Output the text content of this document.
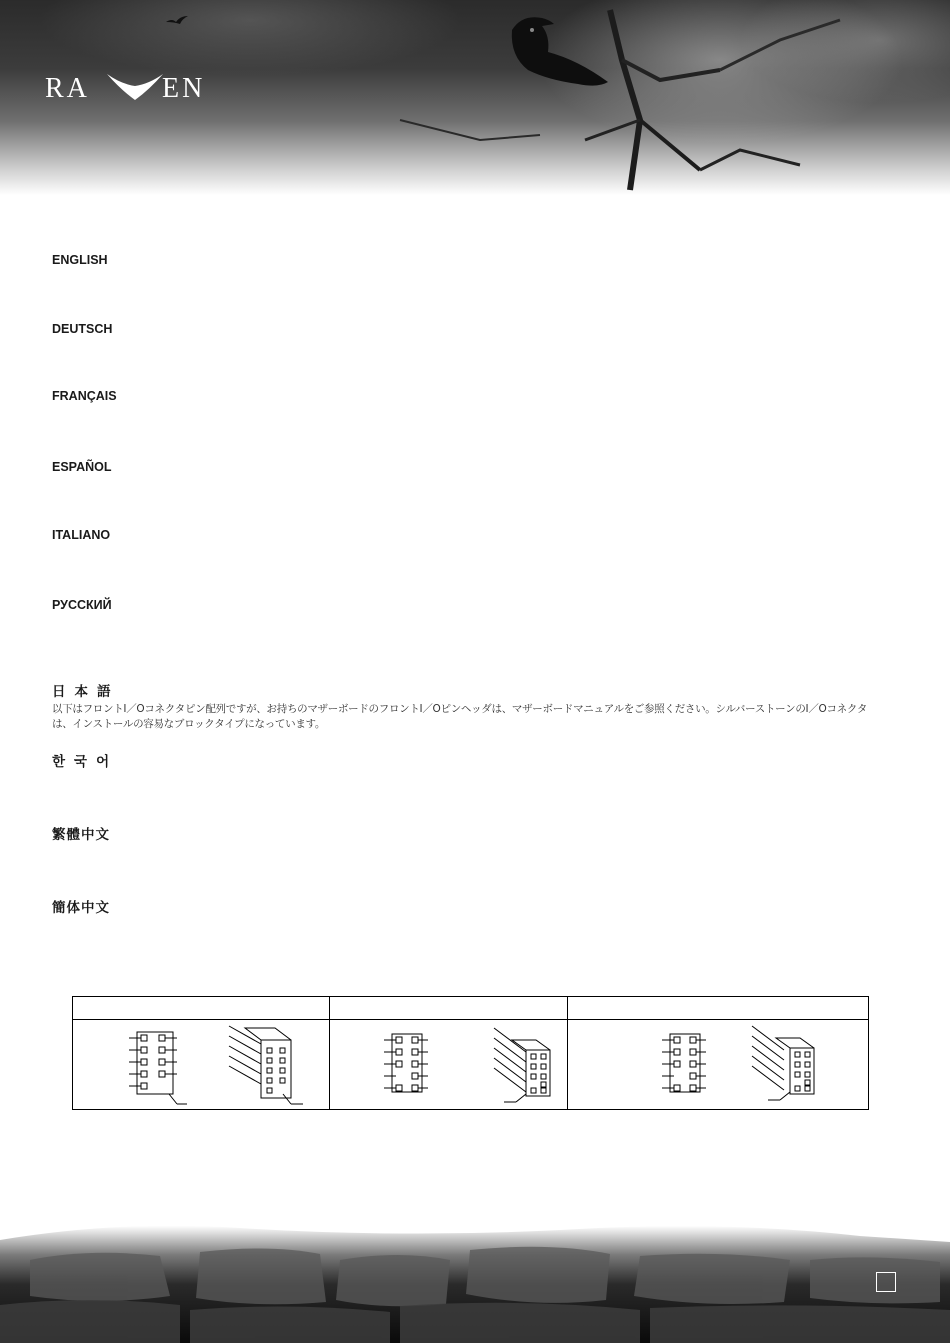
RA	EN
ENGLISH
DEUTSCH
FRANÇAIS
ESPAÑOL
ITALIANO
РУССКИЙ
日本語
以下はフロントI／Oコネクタピン配列ですが、お持ちのマザーボードのフロントI／Oピンヘッダは、マザーボードマニュアルをご参照ください。シルバーストーンのI／Oコネクタは、インストールの容易なブロックタイプになっています。
한국어
繁體中文
簡体中文
